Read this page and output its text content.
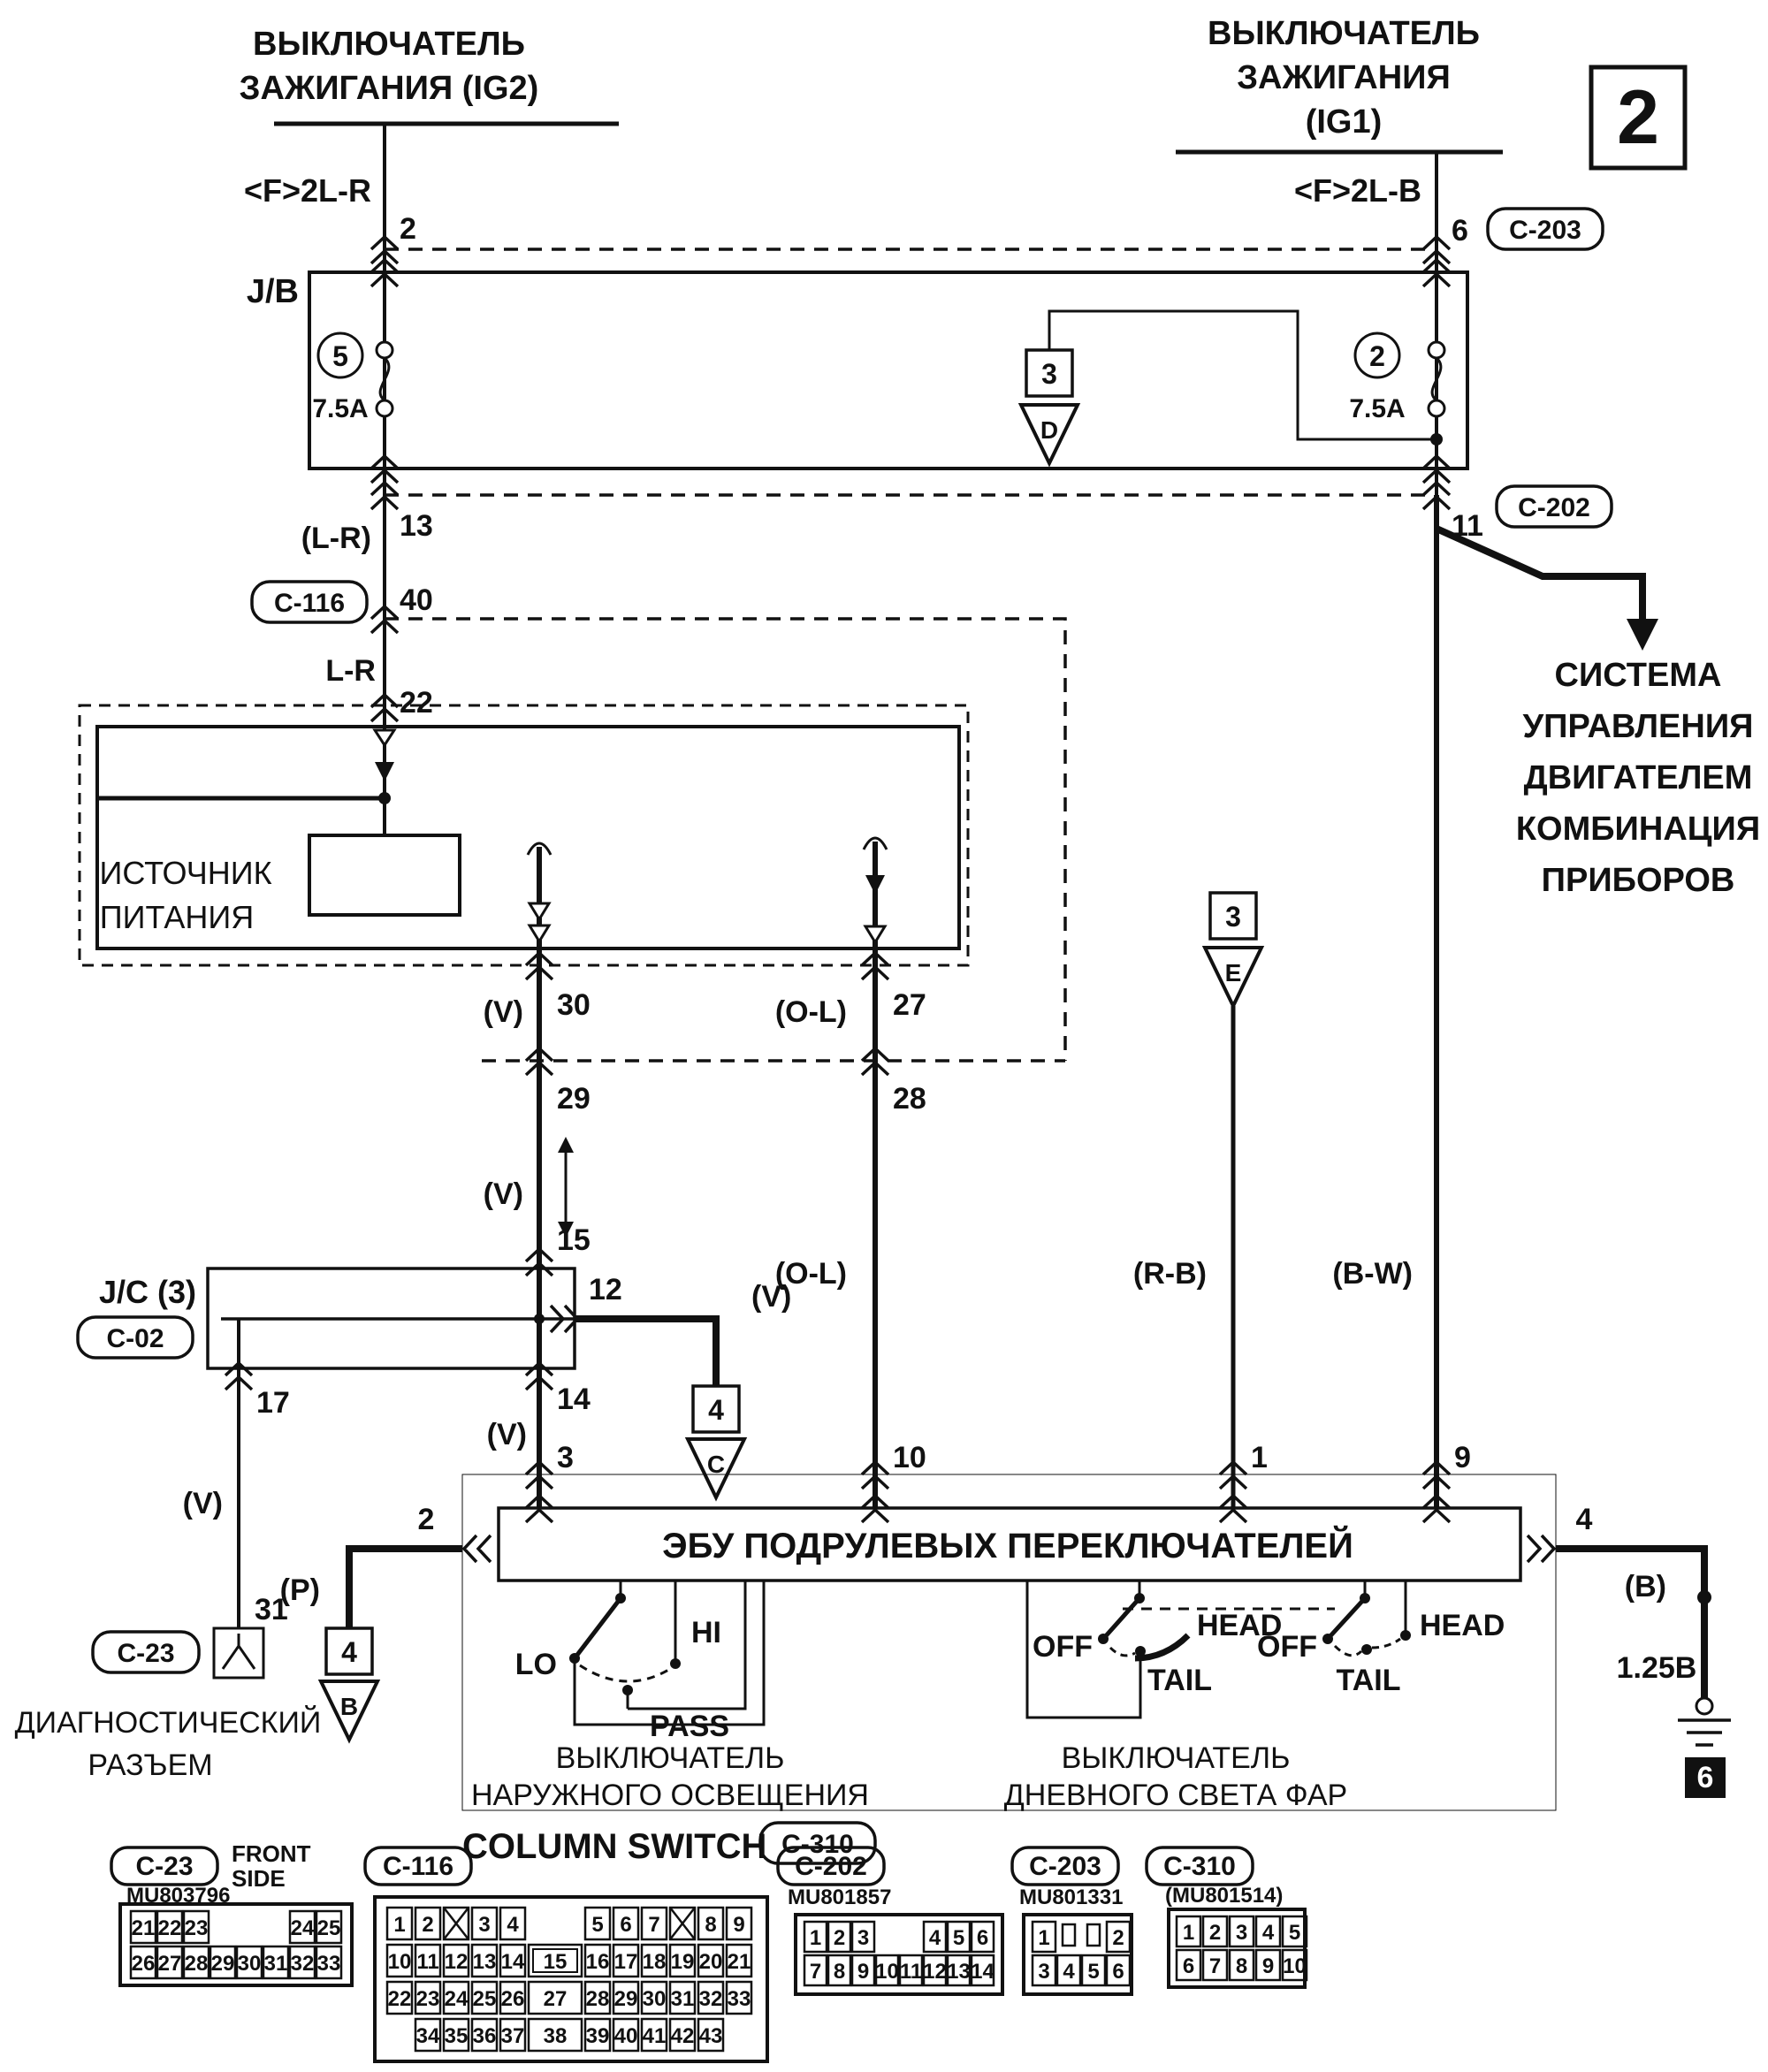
ВЫКЛЮЧАТЕЛЬ
ЗАЖИГАНИЯ (IG2)
ВЫКЛЮЧАТЕЛЬ
ЗАЖИГАНИЯ
(IG1)	2
<F>2L-R	<F>2L-B
2	6 C-203
J/B
5
7.5A
2
7.5A
3
D
13	11
C-202
(L-R)
C-116 40
L-R
22
СИСТЕМА
УПРАВЛЕНИЯ
ДВИГАТЕЛЕМ
КОМБИНАЦИЯ
ПРИБОРОВ
ИСТОЧНИК
ПИТАНИЯ
30
(V)	27
(O-L)
29	28
(V)
15
J/C (3)
C-02
12	(V)
4
C
14
(V)
3
17
(V)
31
C-23
ДИАГНОСТИЧЕСКИЙ
РАЗЪЕМ
(P)
2
4
B
3
E
(O-L)	(R-B)	(B-W)
10	1	9
ЭБУ ПОДРУЛЕВЫХ ПЕРЕКЛЮЧАТЕЛЕЙ
LO
HI
PASS
ВЫКЛЮЧАТЕЛЬ
НАРУЖНОГО ОСВЕЩЕНИЯ
OFF
TAIL
HEAD
OFF
TAIL
HEAD
ВЫКЛЮЧАТЕЛЬ
ДНЕВНОГО СВЕТА ФАР
COLUMN SWITCH C-310
4
(B)
1.25B
6
C-23 FRONT
SIDE
MU803796
C-116	C-202
MU801857
C-203
MU801331
C-310
(MU801514)
21 22 23	24 25
26 27 28 29 30 31 32 33
1 2 3 4	5 6 7 8 9
10 11 12 13 14 15 16 17 18 19 20 21
22 23 24 25 26 27 28 29 30 31 32 33
34 35 36 37 38 39 40 41 42 43
1 2 3	4 5 6
7 8 9 10 11 12 13 14
1	2
3 4 5 6
1 2 3 4 5
6 7 8 9 10
